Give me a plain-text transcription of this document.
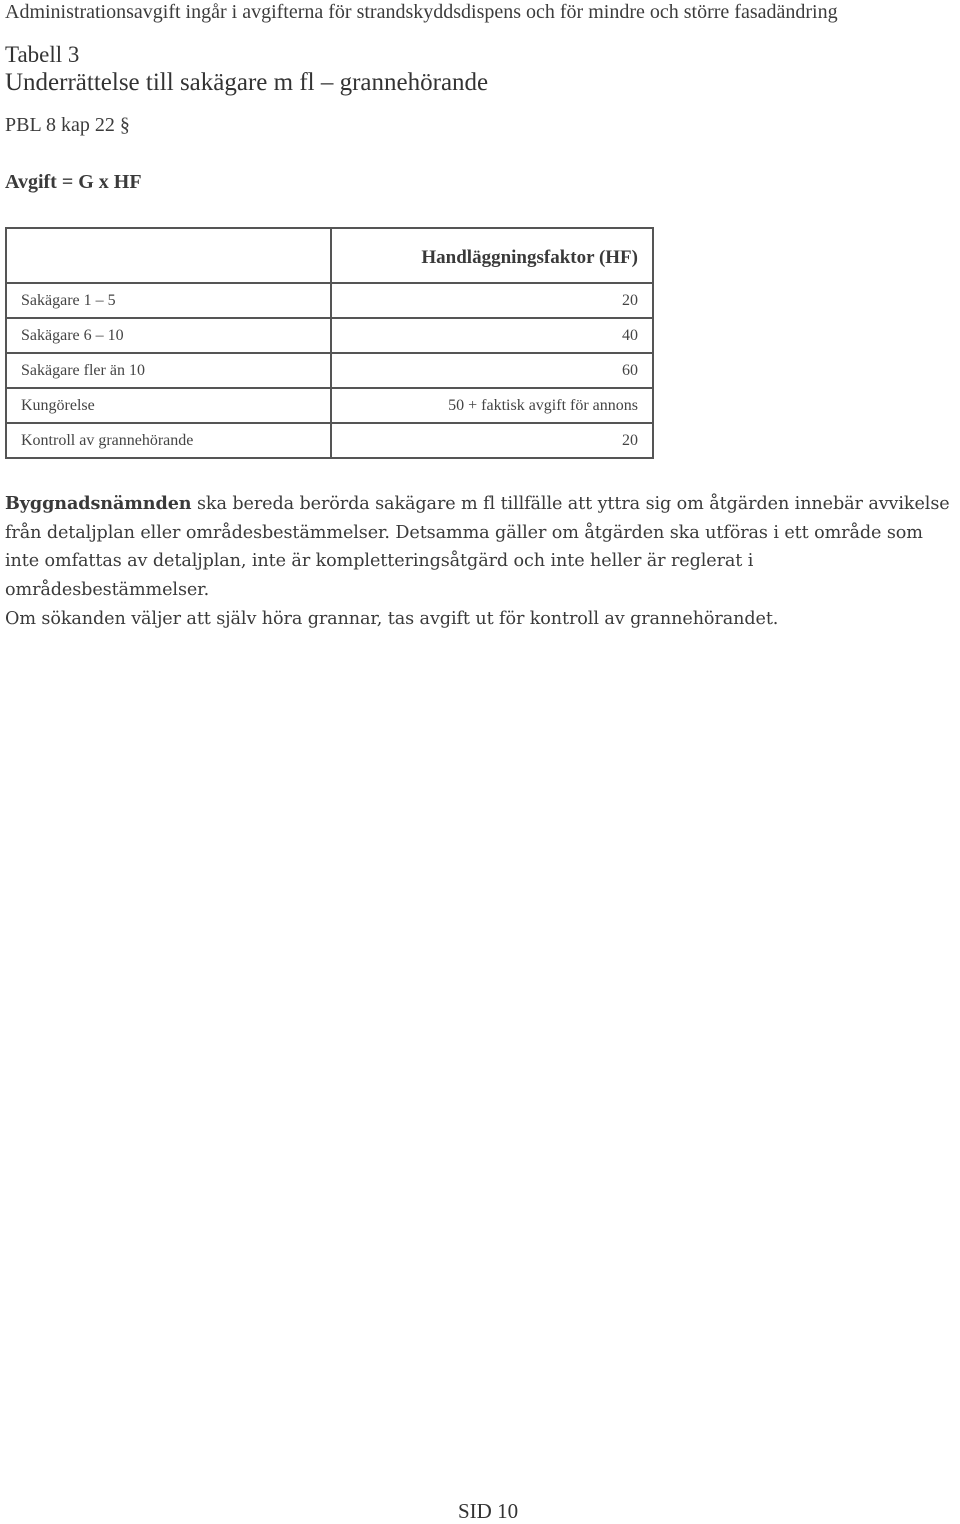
Administrationsavgift ingår i avgifterna för strandskyddsdispens och för mindre och större fasadändring

Tabell 3

Underrättelse till sakägare m fl – grannehörande

PBL 8 kap 22 §

Avgift = G x HF

	Handläggningsfaktor (HF)
Sakägare 1 – 5	20
Sakägare 6 – 10	40
Sakägare fler än 10	60
Kungörelse	50 + faktisk avgift för annons
Kontroll av grannehörande	20

Byggnadsnämnden ska bereda berörda sakägare m fl tillfälle att yttra sig om åtgärden innebär avvikelse från detaljplan eller områdesbestämmelser. Detsamma gäller om åtgärden ska utföras i ett område som inte omfattas av detaljplan, inte är kompletteringsåtgärd och inte heller är reglerat i områdesbestämmelser.

Om sökanden väljer att själv höra grannar, tas avgift ut för kontroll av grannehörandet.

SID 10
